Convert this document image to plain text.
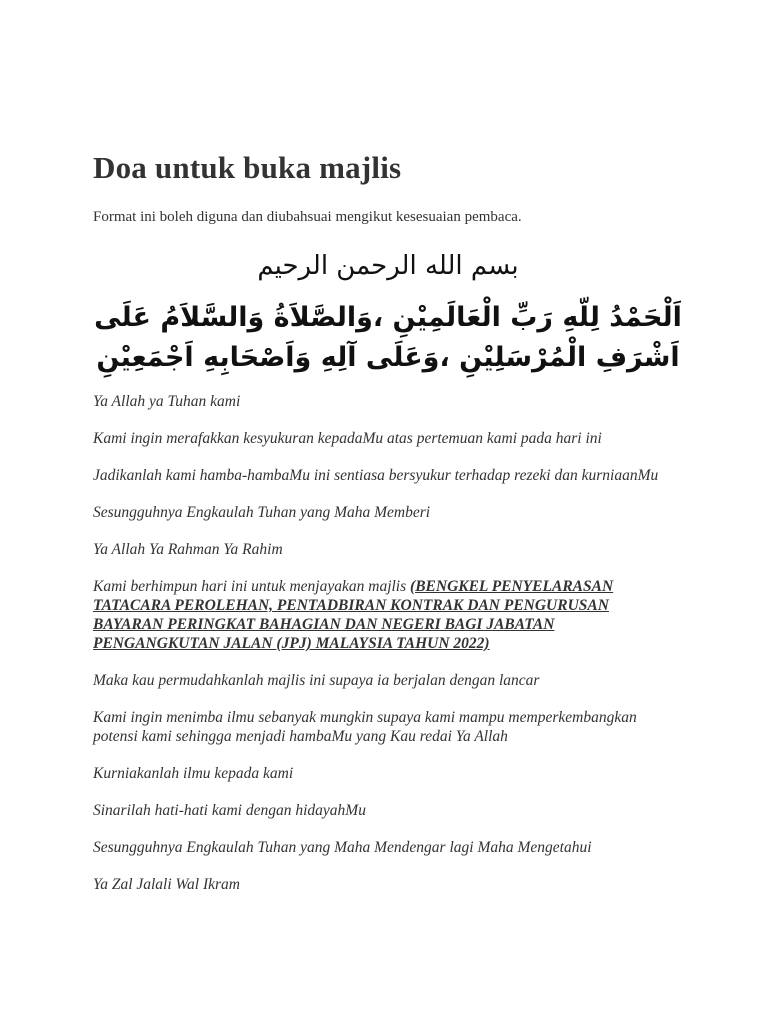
Doa untuk buka majlis

Format ini boleh diguna dan diubahsuai mengikut kesesuaian pembaca.

بسم الله الرحمن الرحيم

اَلْحَمْدُ لِلّهِ رَبِّ الْعَالَمِيْنِ ،وَالصَّلاَةُ وَالسَّلاَمُ عَلَى اَشْرَفِ الْمُرْسَلِيْنِ ،وَعَلَى آلِهِ وَاَصْحَابِهِ اَجْمَعِيْنِ

Ya Allah ya Tuhan kami

Kami ingin merafakkan kesyukuran kepadaMu atas pertemuan kami pada hari ini

Jadikanlah kami hamba-hambaMu ini sentiasa bersyukur terhadap rezeki dan kurniaanMu

Sesungguhnya Engkaulah Tuhan yang Maha Memberi

Ya Allah Ya Rahman Ya Rahim

Kami berhimpun hari ini untuk menjayakan majlis (BENGKEL PENYELARASAN TATACARA PEROLEHAN, PENTADBIRAN KONTRAK DAN PENGURUSAN BAYARAN PERINGKAT BAHAGIAN DAN NEGERI BAGI JABATAN PENGANGKUTAN JALAN (JPJ) MALAYSIA TAHUN 2022)

Maka kau permudahkanlah majlis ini supaya ia berjalan dengan lancar

Kami ingin menimba ilmu sebanyak mungkin supaya kami mampu memperkembangkan potensi kami sehingga menjadi hambaMu yang Kau redai Ya Allah

Kurniakanlah ilmu kepada kami

Sinarilah hati-hati kami dengan hidayahMu

Sesungguhnya Engkaulah Tuhan yang Maha Mendengar lagi Maha Mengetahui

Ya Zal Jalali Wal Ikram
